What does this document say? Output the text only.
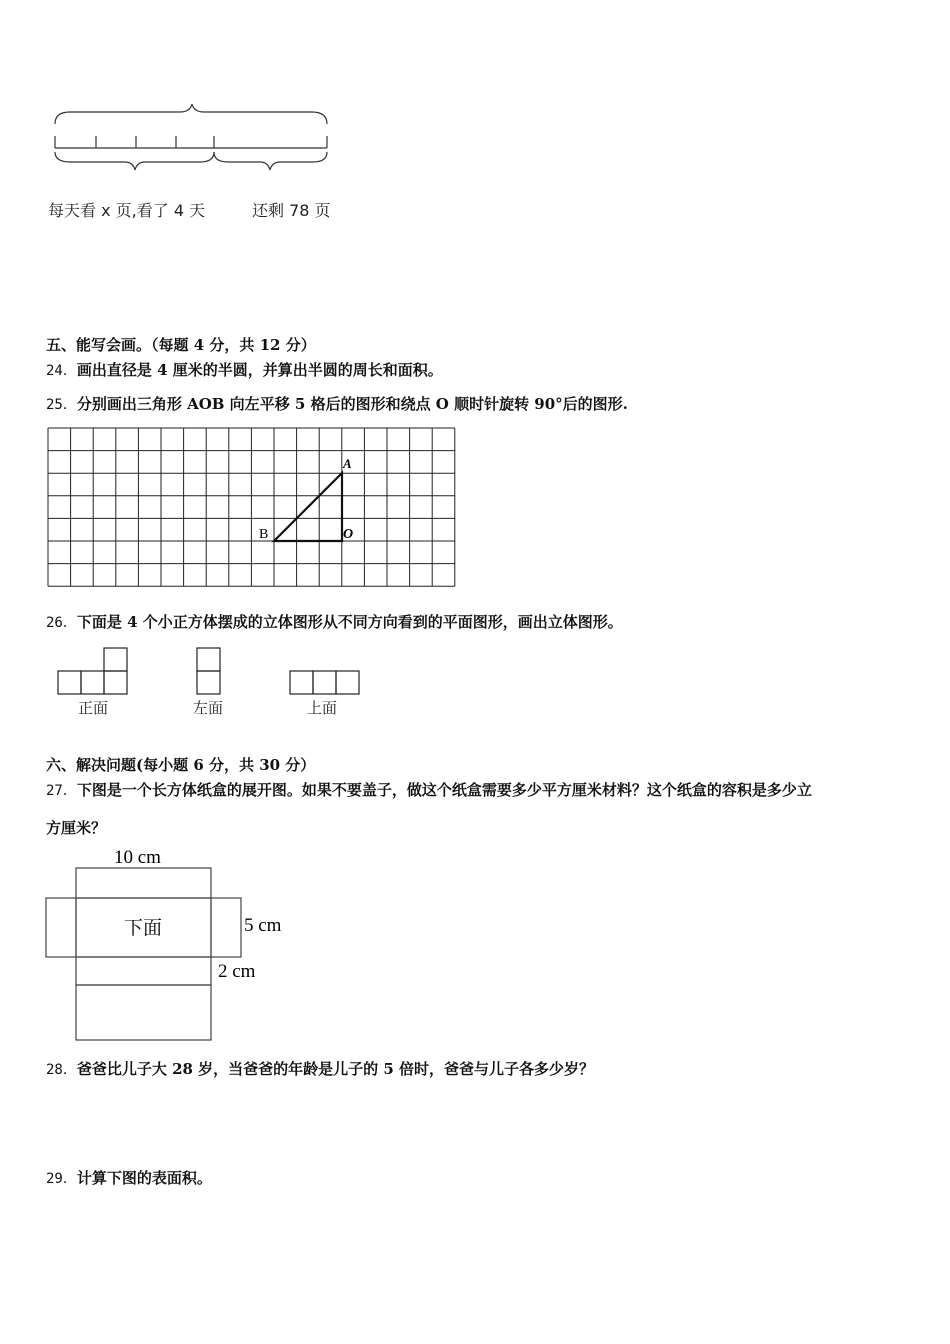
每天看 x 页,看了 4 天	还剩 78 页
五、能写会画。（每题 4 分，共 12 分）
24．画出直径是 4 厘米的半圆，并算出半圆的周长和面积。
25．分别画出三角形 AOB 向左平移 5 格后的图形和绕点 O 顺时针旋转 90°后的图形.
A
B	O
26．下面是 4 个小正方体摆成的立体图形从不同方向看到的平面图形，画出立体图形。
正面	左面	上面
六、解决问题(每小题 6 分，共 30 分）
27．下图是一个长方体纸盒的展开图。如果不要盖子，做这个纸盒需要多少平方厘米材料？这个纸盒的容积是多少立
方厘米？
10 cm
下面	5 cm
2 cm
28．爸爸比儿子大 28 岁，当爸爸的年龄是儿子的 5 倍时，爸爸与儿子各多少岁？
29．计算下图的表面积。
